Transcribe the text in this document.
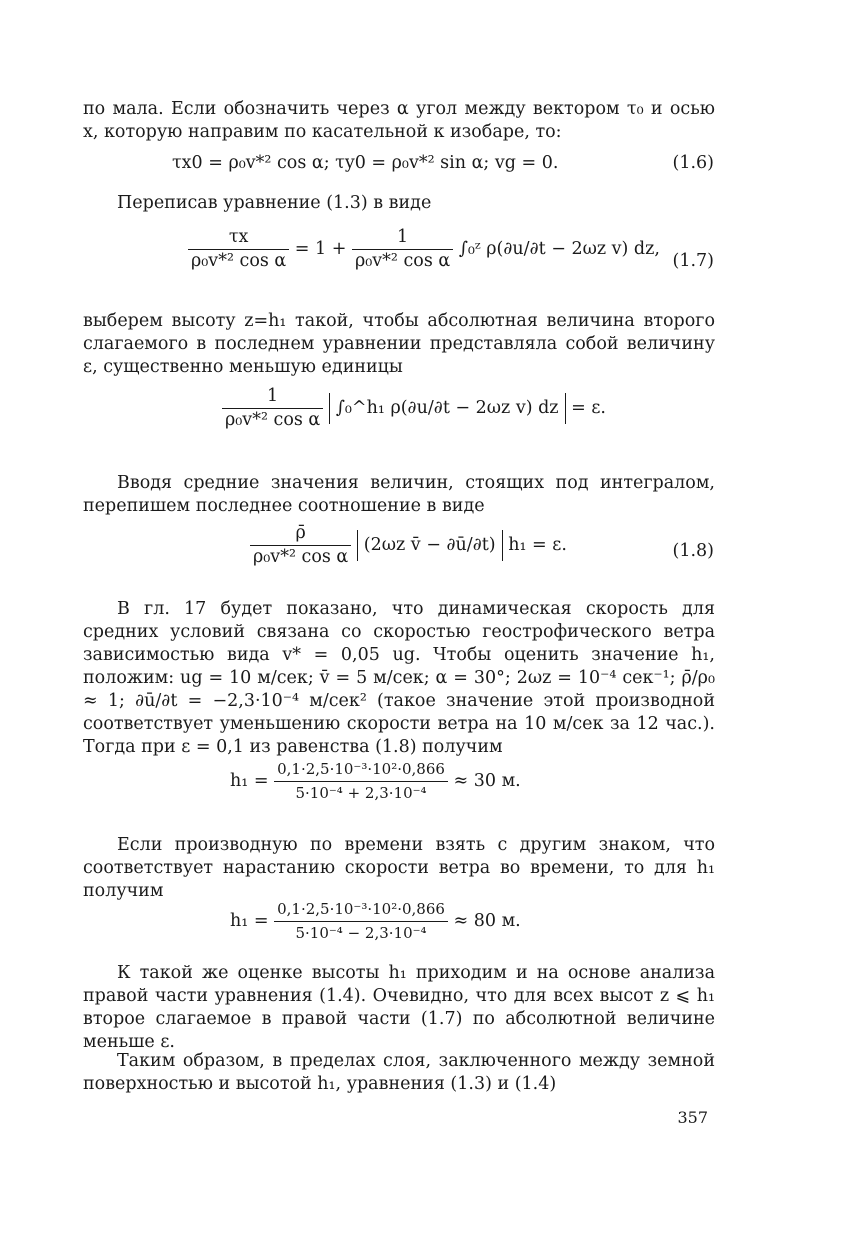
по мала. Если обозначить через α угол между вектором τ₀ и осью x, которую направим по касательной к изобаре, то:

τx0 = ρ₀v*² cos α; τy0 = ρ₀v*² sin α; vg = 0.	(1.6)

Переписав уравнение (1.3) в виде

$\frac{\tau x}{\text{ρ₀v*² cos α}} = 1 + \frac{1}{\text{ρ₀v*² cos α}}$ ∫₀ᶻ ρ(∂u/∂t − 2ωz v) dz,
(1.7)

выберем высоту z=h₁ такой, чтобы абсолютная величина второго слагаемого в последнем уравнении представляла собой величину ε, существенно меньшую единицы

$\frac{1}{\text{ρ₀v*² cos α}}$ ∫₀^h₁ ρ(∂u/∂t − 2ωz v) dz = ε.

Вводя средние значения величин, стоящих под интегралом, перепишем последнее соотношение в виде

$\frac{\rhō}{\text{ρ₀v*² cos α}} (2\omega z$ v̄ − ∂ū/∂t) h₁ = ε.	(1.8)

В гл. 17 будет показано, что динамическая скорость для средних условий связана со скоростью геострофического ветра зависимостью вида v* = 0,05 ug. Чтобы оценить значение h₁, положим: ug = 10 м/сек; v̄ = 5 м/сек; α = 30°; 2ωz = 10⁻⁴ сек⁻¹; ρ̄/ρ₀ ≈ 1; ∂ū/∂t = −2,3·10⁻⁴ м/сек² (такое значение этой производной соответствует уменьшению скорости ветра на 10 м/сек за 12 час.). Тогда при ε = 0,1 из равенства (1.8) получим

$h_1 = \frac{\text{0,1·2,5·10⁻³·10²·0,866}}{\text{5·10⁻⁴ + 2,3·10⁻⁴}} \approx 30$ м.

Если производную по времени взять с другим знаком, что соответствует нарастанию скорости ветра во времени, то для h₁ получим

$h_1 = \frac{\text{0,1·2,5·10⁻³·10²·0,866}}{\text{5·10⁻⁴ − 2,3·10⁻⁴}} \approx 80$ м.

К такой же оценке высоты h₁ приходим и на основе анализа правой части уравнения (1.4). Очевидно, что для всех высот z ⩽ h₁ второе слагаемое в правой части (1.7) по абсолютной величине меньше ε.

Таким образом, в пределах слоя, заключенного между земной поверхностью и высотой h₁, уравнения (1.3) и (1.4)

357
